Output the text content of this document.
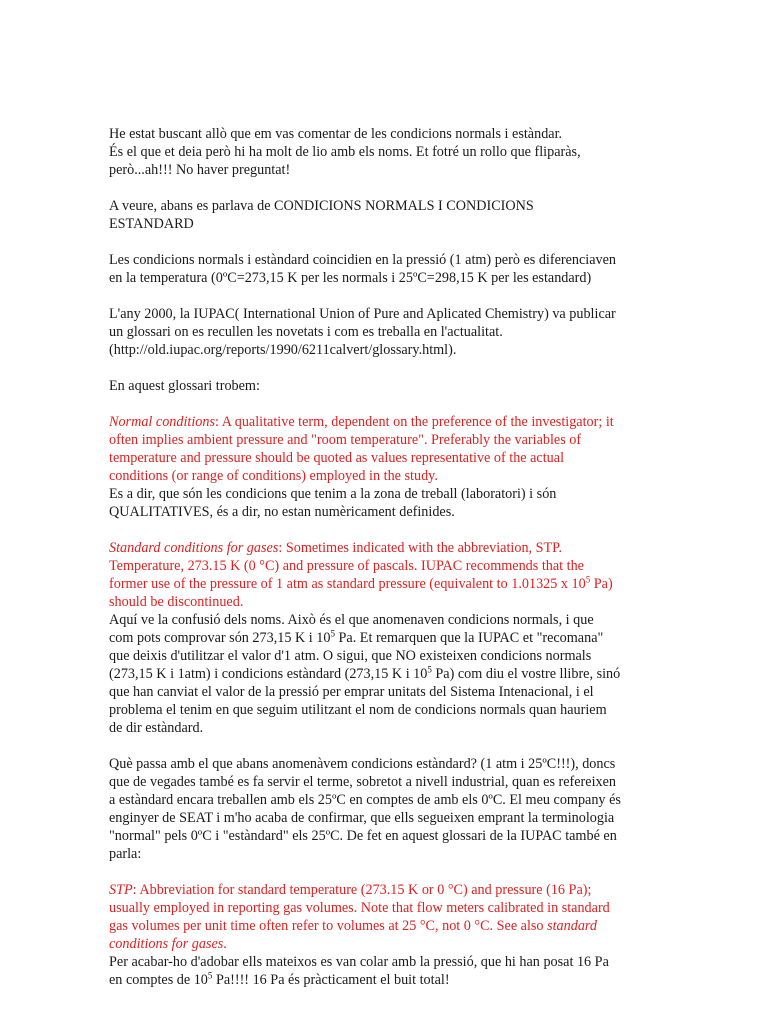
He estat buscant allò que em vas comentar de les condicions normals i estàndar.
És el que et deia però hi ha molt de lio amb els noms. Et fotré un rollo que fliparàs,
però...ah!!! No haver preguntat!

A veure, abans es parlava de CONDICIONS NORMALS I CONDICIONS
ESTANDARD

Les condicions normals i estàndard coincidien en la pressió (1 atm) però es diferenciaven
en la temperatura (0ºC=273,15 K per les normals i 25ºC=298,15 K per les estandard)

L'any 2000, la IUPAC( International Union of Pure and Aplicated Chemistry) va publicar
un glossari on es recullen les novetats i com es treballa en l'actualitat.
(http://old.iupac.org/reports/1990/6211calvert/glossary.html).

En aquest glossari trobem:

Normal conditions: A qualitative term, dependent on the preference of the investigator; it
often implies ambient pressure and "room temperature". Preferably the variables of
temperature and pressure should be quoted as values representative of the actual
conditions (or range of conditions) employed in the study.

Es a dir, que són les condicions que tenim a la zona de treball (laboratori) i són
QUALITATIVES, és a dir, no estan numèricament definides.

Standard conditions for gases: Sometimes indicated with the abbreviation, STP.
Temperature, 273.15 K (0 °C) and pressure of pascals. IUPAC recommends that the
former use of the pressure of 1 atm as standard pressure (equivalent to 1.01325 x $10^5$ Pa)
should be discontinued.

Aquí ve la confusió dels noms. Això és el que anomenaven condicions normals, i que
com pots comprovar són 273,15 K i $10^5$ Pa. Et remarquen que la IUPAC et "recomana"
que deixis d'utilitzar el valor d'1 atm. O sigui, que NO existeixen condicions normals
(273,15 K i 1atm) i condicions estàndard (273,15 K i $10^5$ Pa) com diu el vostre llibre, sinó
que han canviat el valor de la pressió per emprar unitats del Sistema Intenacional, i el
problema el tenim en que seguim utilitzant el nom de condicions normals quan hauriem
de dir estàndard.

Què passa amb el que abans anomenàvem condicions estàndard? (1 atm i 25ºC!!!), doncs
que de vegades també es fa servir el terme, sobretot a nivell industrial, quan es refereixen
a estàndard encara treballen amb els 25ºC en comptes de amb els 0ºC. El meu company és
enginyer de SEAT i m'ho acaba de confirmar, que ells segueixen emprant la terminologia
"normal" pels 0ºC i "estàndard" els 25ºC. De fet en aquest glossari de la IUPAC també en
parla:

STP: Abbreviation for standard temperature (273.15 K or 0 °C) and pressure (16 Pa);
usually employed in reporting gas volumes. Note that flow meters calibrated in standard
gas volumes per unit time often refer to volumes at 25 °C, not 0 °C. See also standard
conditions for gases.

Per acabar-ho d'adobar ells mateixos es van colar amb la pressió, que hi han posat 16 Pa
en comptes de $10^5$ Pa!!!! 16 Pa és pràcticament el buit total!
